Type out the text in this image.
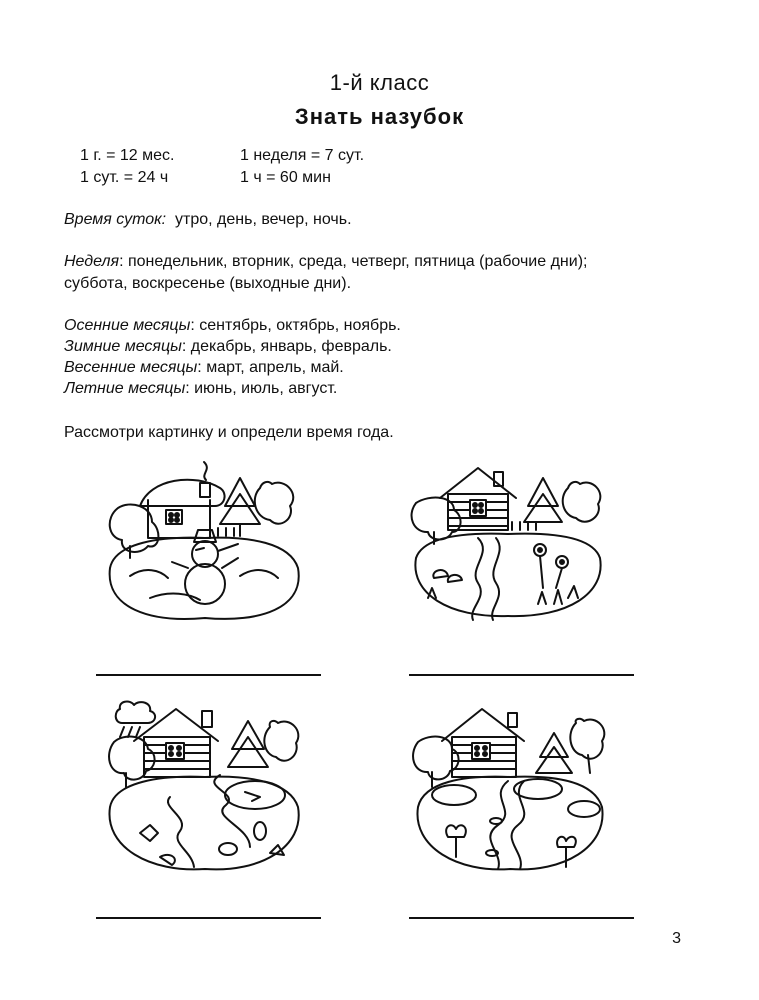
1-й класс
Знать назубок
1 г. = 12 мес.	1 неделя = 7 сут.
1 сут. = 24 ч	1 ч = 60 мин
Время суток: утро, день, вечер, ночь.
Неделя: понедельник, вторник, среда, четверг, пятница (рабочие дни);
суббота, воскресенье (выходные дни).
Осенние месяцы: сентябрь, октябрь, ноябрь.
Зимние месяцы: декабрь, январь, февраль.
Весенние месяцы: март, апрель, май.
Летние месяцы: июнь, июль, август.
Рассмотри картинку и определи время года.
3
